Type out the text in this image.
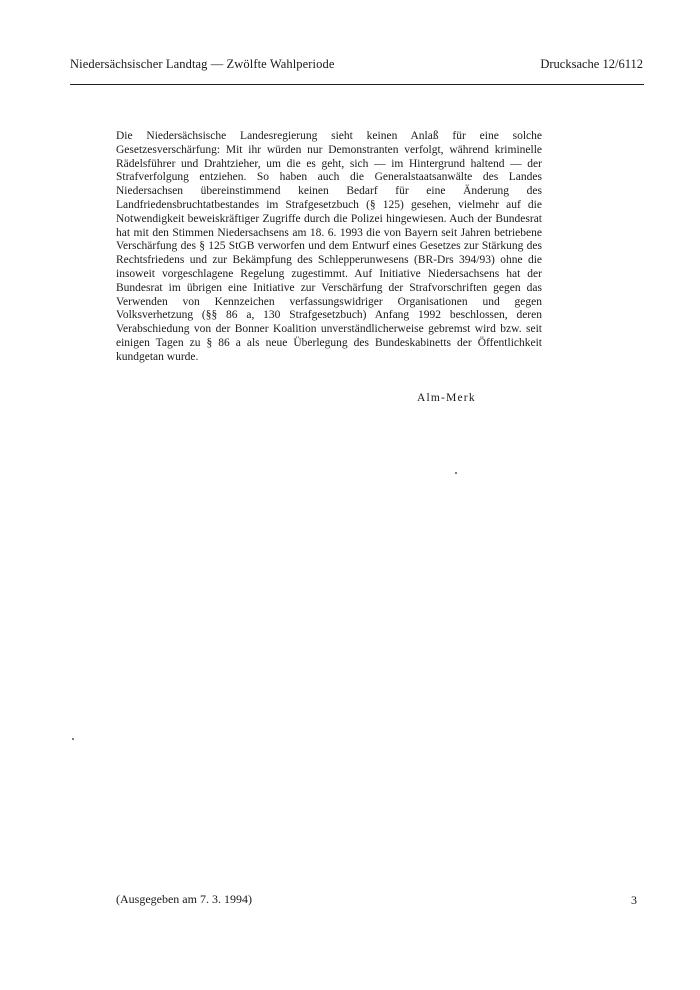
Niedersächsischer Landtag — Zwölfte Wahlperiode	Drucksache 12/6112

Die Niedersächsische Landesregierung sieht keinen Anlaß für eine solche Gesetzesverschärfung: Mit ihr würden nur Demonstranten verfolgt, während kriminelle Rädelsführer und Drahtzieher, um die es geht, sich — im Hintergrund haltend — der Strafverfolgung entziehen. So haben auch die Generalstaatsanwälte des Landes Niedersachsen übereinstimmend keinen Bedarf für eine Änderung des Landfriedensbruchtatbestandes im Strafgesetzbuch (§ 125) gesehen, vielmehr auf die Notwendigkeit beweiskräftiger Zugriffe durch die Polizei hingewiesen. Auch der Bundesrat hat mit den Stimmen Niedersachsens am 18. 6. 1993 die von Bayern seit Jahren betriebene Verschärfung des § 125 StGB verworfen und dem Entwurf eines Gesetzes zur Stärkung des Rechtsfriedens und zur Bekämpfung des Schlepperunwesens (BR-Drs 394/93) ohne die insoweit vorgeschlagene Regelung zugestimmt. Auf Initiative Niedersachsens hat der Bundesrat im übrigen eine Initiative zur Verschärfung der Strafvorschriften gegen das Verwenden von Kennzeichen verfassungswidriger Organisationen und gegen Volksverhetzung (§§ 86 a, 130 Strafgesetzbuch) Anfang 1992 beschlossen, deren Verabschiedung von der Bonner Koalition unverständlicherweise gebremst wird bzw. seit einigen Tagen zu § 86 a als neue Überlegung des Bundeskabinetts der Öffentlichkeit kundgetan wurde.

Alm-Merk
(Ausgegeben am 7. 3. 1994)	3
